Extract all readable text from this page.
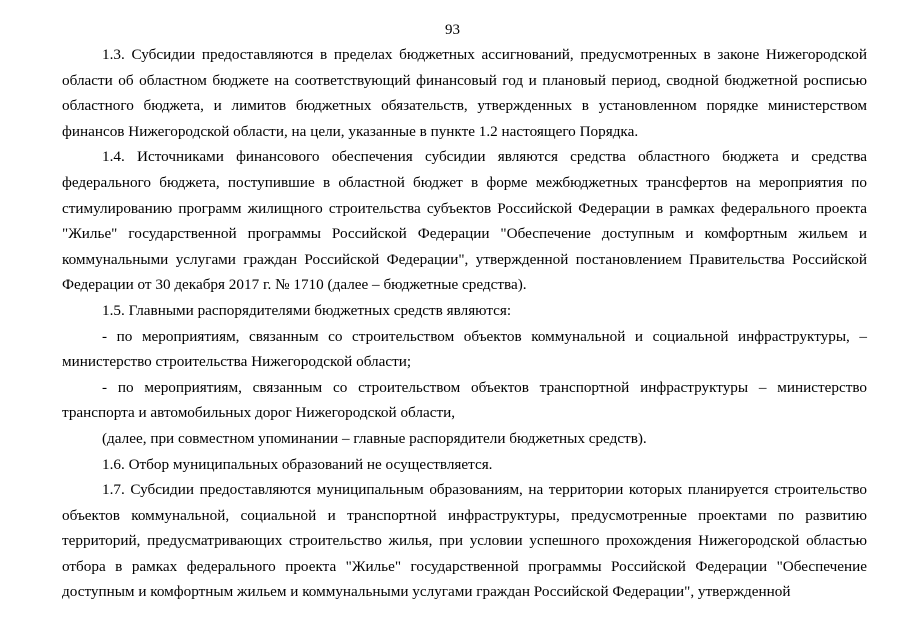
93

1.3. Субсидии предоставляются в пределах бюджетных ассигнований, предусмотренных в законе Нижегородской области об областном бюджете на соответствующий финансовый год и плановый период, сводной бюджетной росписью областного бюджета, и лимитов бюджетных обязательств, утвержденных в установленном порядке министерством финансов Нижегородской области, на цели, указанные в пункте 1.2 настоящего Порядка.

1.4. Источниками финансового обеспечения субсидии являются средства областного бюджета и средства федерального бюджета, поступившие в областной бюджет в форме межбюджетных трансфертов на мероприятия по стимулированию программ жилищного строительства субъектов Российской Федерации в рамках федерального проекта "Жилье" государственной программы Российской Федерации "Обеспечение доступным и комфортным жильем и коммунальными услугами граждан Российской Федерации", утвержденной постановлением Правительства Российской Федерации от 30 декабря 2017 г. № 1710 (далее – бюджетные средства).

1.5. Главными распорядителями бюджетных средств являются:

- по мероприятиям, связанным со строительством объектов коммунальной и социальной инфраструктуры, – министерство строительства Нижегородской области;

- по мероприятиям, связанным со строительством объектов транспортной инфраструктуры – министерство транспорта и автомобильных дорог Нижегородской области,

(далее, при совместном упоминании – главные распорядители бюджетных средств).

1.6. Отбор муниципальных образований не осуществляется.

1.7. Субсидии предоставляются муниципальным образованиям, на территории которых планируется строительство объектов коммунальной, социальной и транспортной инфраструктуры, предусмотренные проектами по развитию территорий, предусматривающих строительство жилья, при условии успешного прохождения Нижегородской областью отбора в рамках федерального проекта "Жилье" государственной программы Российской Федерации "Обеспечение доступным и комфортным жильем и коммунальными услугами граждан Российской Федерации", утвержденной
